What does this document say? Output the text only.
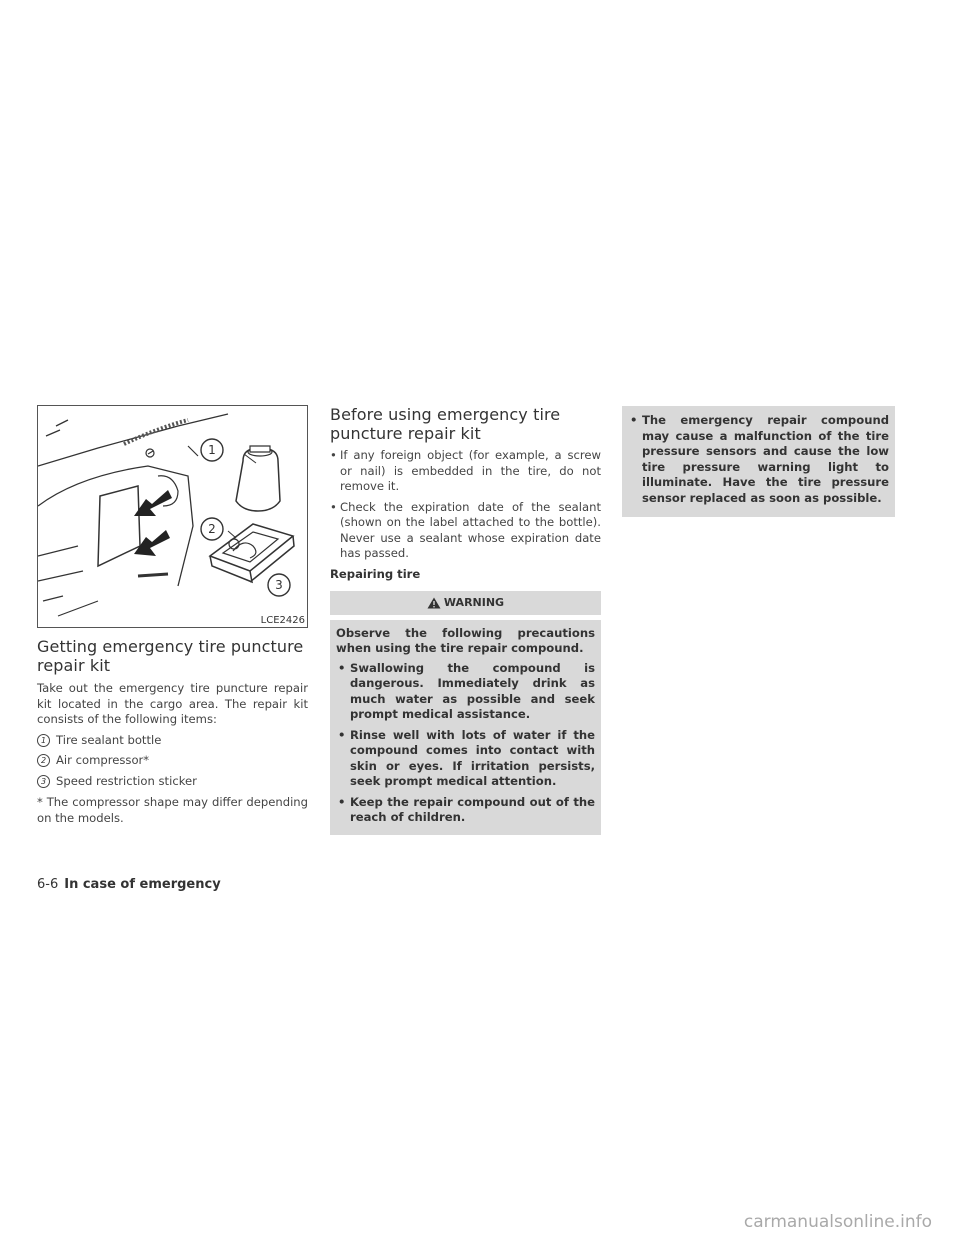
1
2
3
LCE2426
Getting emergency tire puncture repair kit

Take out the emergency tire puncture repair kit located in the cargo area. The repair kit consists of the following items:

1 Tire sealant bottle
2 Air compressor*
3 Speed restriction sticker

* The compressor shape may differ depending on the models.

Before using emergency tire puncture repair kit
• If any foreign object (for example, a screw or nail) is embedded in the tire, do not remove it.
• Check the expiration date of the sealant (shown on the label attached to the bottle). Never use a sealant whose expiration date has passed.
Repairing tire
WARNING

Observe the following precautions when using the tire repair compound.

• Swallowing the compound is dangerous. Immediately drink as much water as possible and seek prompt medical assistance.
• Rinse well with lots of water if the compound comes into contact with skin or eyes. If irritation persists, seek prompt medical attention.
• Keep the repair compound out of the reach of children.
• The emergency repair compound may cause a malfunction of the tire pressure sensors and cause the low tire pressure warning light to illuminate. Have the tire pressure sensor replaced as soon as possible.
6-6 In case of emergency
carmanualsonline.info
